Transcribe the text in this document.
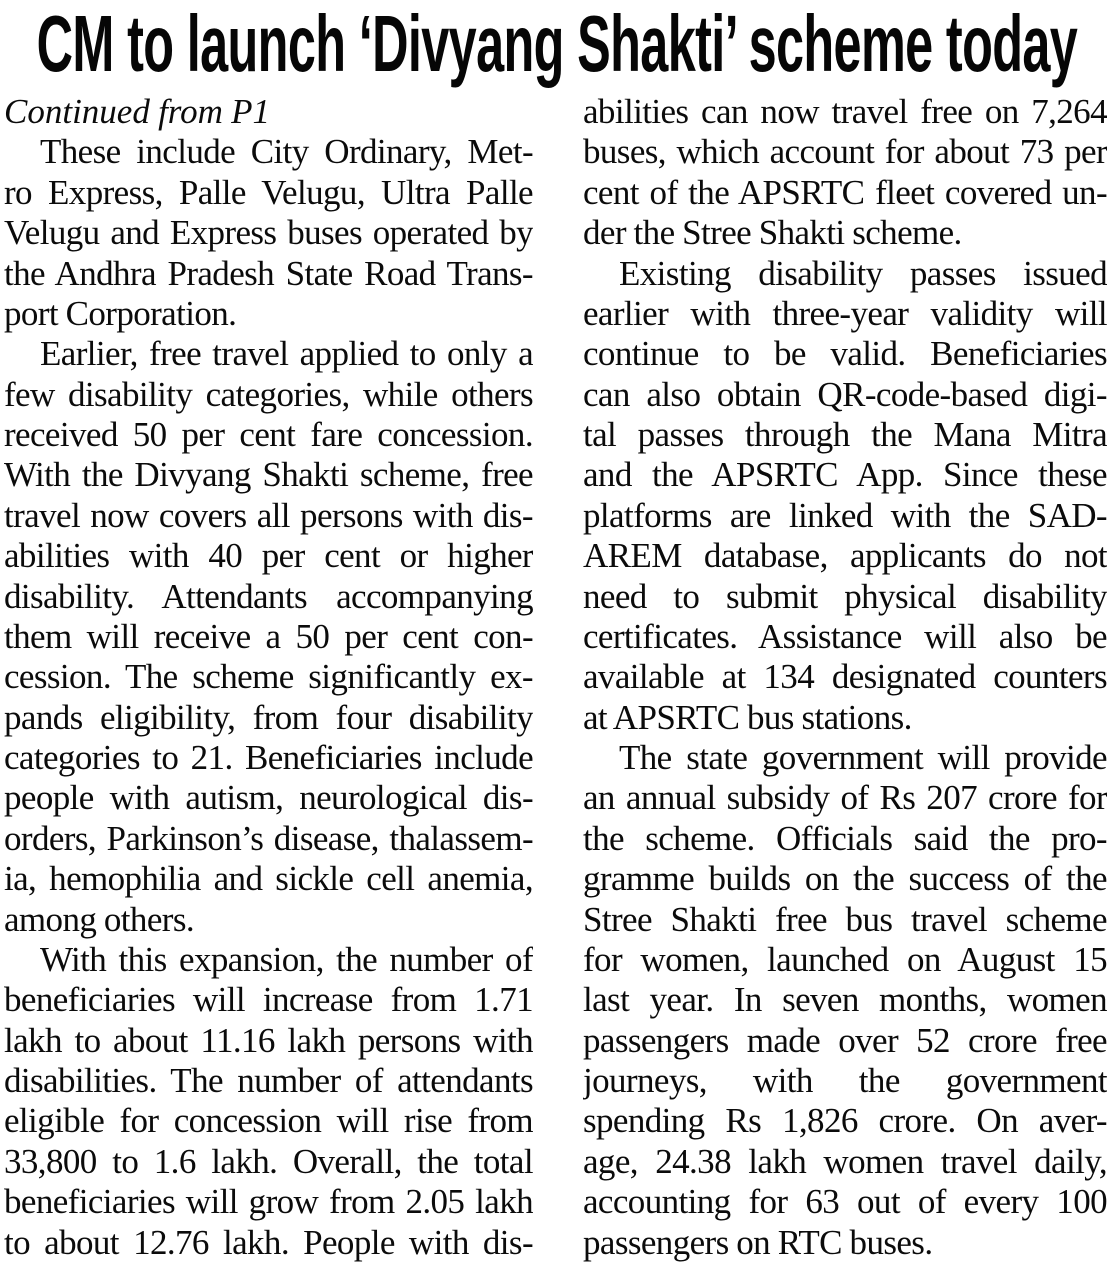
CM to launch ‘Divyang Shakti’ scheme today
Continued from P1
These include City Ordinary, Met-
ro Express, Palle Velugu, Ultra Palle
Velugu and Express buses operated by
the Andhra Pradesh State Road Trans-
port Corporation.
Earlier, free travel applied to only a
few disability categories, while others
received 50 per cent fare concession.
With the Divyang Shakti scheme, free
travel now covers all persons with dis-
abilities with 40 per cent or higher
disability. Attendants accompanying
them will receive a 50 per cent con-
cession. The scheme significantly ex-
pands eligibility, from four disability
categories to 21. Beneficiaries include
people with autism, neurological dis-
orders, Parkinson’s disease, thalassem-
ia, hemophilia and sickle cell anemia,
among others.
With this expansion, the number of
beneficiaries will increase from 1.71
lakh to about 11.16 lakh persons with
disabilities. The number of attendants
eligible for concession will rise from
33,800 to 1.6 lakh. Overall, the total
beneficiaries will grow from 2.05 lakh
to about 12.76 lakh. People with dis-
abilities can now travel free on 7,264
buses, which account for about 73 per
cent of the APSRTC fleet covered un-
der the Stree Shakti scheme.
Existing disability passes issued
earlier with three-year validity will
continue to be valid. Beneficiaries
can also obtain QR-code-based digi-
tal passes through the Mana Mitra
and the APSRTC App. Since these
platforms are linked with the SAD-
AREM database, applicants do not
need to submit physical disability
certificates. Assistance will also be
available at 134 designated counters
at APSRTC bus stations.
The state government will provide
an annual subsidy of Rs 207 crore for
the scheme. Officials said the pro-
gramme builds on the success of the
Stree Shakti free bus travel scheme
for women, launched on August 15
last year. In seven months, women
passengers made over 52 crore free
journeys, with the government
spending Rs 1,826 crore. On aver-
age, 24.38 lakh women travel daily,
accounting for 63 out of every 100
passengers on RTC buses.
